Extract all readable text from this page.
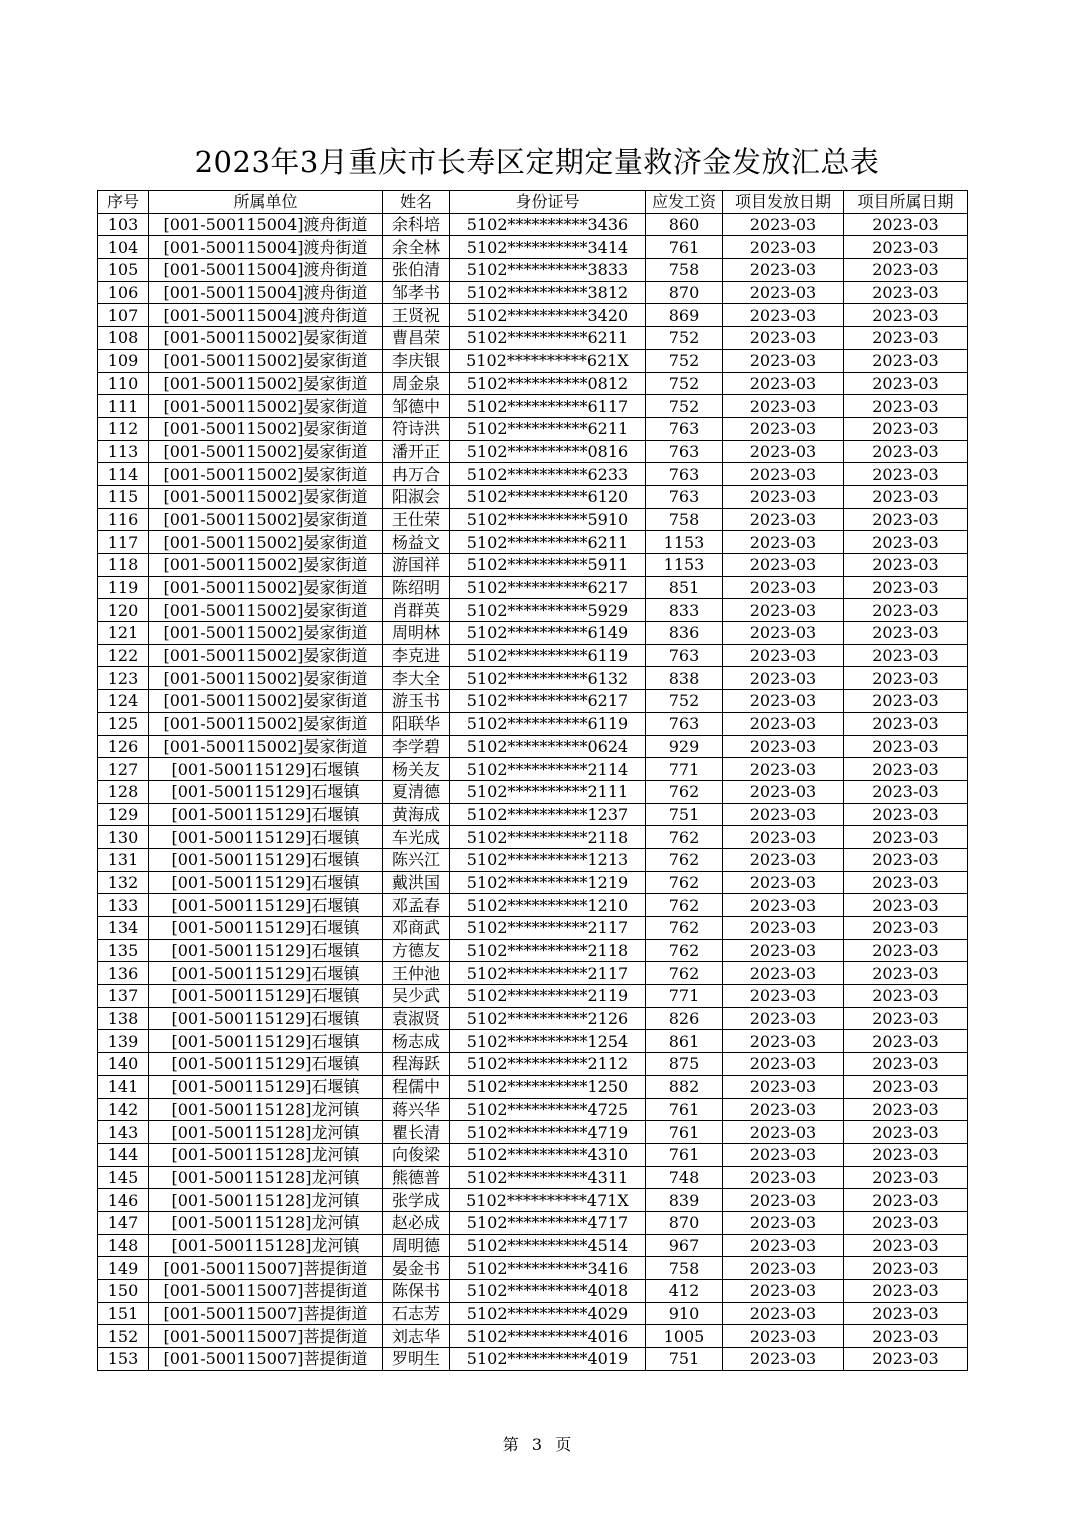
2023年3月重庆市长寿区定期定量救济金发放汇总表
序号	所属单位	姓名	身份证号	应发工资	项目发放日期	项目所属日期
103	[001-500115004]渡舟街道	余科培	5102**********3436	860	2023-03	2023-03
104	[001-500115004]渡舟街道	余全林	5102**********3414	761	2023-03	2023-03
105	[001-500115004]渡舟街道	张伯清	5102**********3833	758	2023-03	2023-03
106	[001-500115004]渡舟街道	邹孝书	5102**********3812	870	2023-03	2023-03
107	[001-500115004]渡舟街道	王贤祝	5102**********3420	869	2023-03	2023-03
108	[001-500115002]晏家街道	曹昌荣	5102**********6211	752	2023-03	2023-03
109	[001-500115002]晏家街道	李庆银	5102**********621X	752	2023-03	2023-03
110	[001-500115002]晏家街道	周金泉	5102**********0812	752	2023-03	2023-03
111	[001-500115002]晏家街道	邹德中	5102**********6117	752	2023-03	2023-03
112	[001-500115002]晏家街道	符诗洪	5102**********6211	763	2023-03	2023-03
113	[001-500115002]晏家街道	潘开正	5102**********0816	763	2023-03	2023-03
114	[001-500115002]晏家街道	冉万合	5102**********6233	763	2023-03	2023-03
115	[001-500115002]晏家街道	阳淑会	5102**********6120	763	2023-03	2023-03
116	[001-500115002]晏家街道	王仕荣	5102**********5910	758	2023-03	2023-03
117	[001-500115002]晏家街道	杨益文	5102**********6211	1153	2023-03	2023-03
118	[001-500115002]晏家街道	游国祥	5102**********5911	1153	2023-03	2023-03
119	[001-500115002]晏家街道	陈绍明	5102**********6217	851	2023-03	2023-03
120	[001-500115002]晏家街道	肖群英	5102**********5929	833	2023-03	2023-03
121	[001-500115002]晏家街道	周明林	5102**********6149	836	2023-03	2023-03
122	[001-500115002]晏家街道	李克进	5102**********6119	763	2023-03	2023-03
123	[001-500115002]晏家街道	李大全	5102**********6132	838	2023-03	2023-03
124	[001-500115002]晏家街道	游玉书	5102**********6217	752	2023-03	2023-03
125	[001-500115002]晏家街道	阳联华	5102**********6119	763	2023-03	2023-03
126	[001-500115002]晏家街道	李学碧	5102**********0624	929	2023-03	2023-03
127	[001-500115129]石堰镇	杨关友	5102**********2114	771	2023-03	2023-03
128	[001-500115129]石堰镇	夏清德	5102**********2111	762	2023-03	2023-03
129	[001-500115129]石堰镇	黄海成	5102**********1237	751	2023-03	2023-03
130	[001-500115129]石堰镇	车光成	5102**********2118	762	2023-03	2023-03
131	[001-500115129]石堰镇	陈兴江	5102**********1213	762	2023-03	2023-03
132	[001-500115129]石堰镇	戴洪国	5102**********1219	762	2023-03	2023-03
133	[001-500115129]石堰镇	邓孟春	5102**********1210	762	2023-03	2023-03
134	[001-500115129]石堰镇	邓商武	5102**********2117	762	2023-03	2023-03
135	[001-500115129]石堰镇	方德友	5102**********2118	762	2023-03	2023-03
136	[001-500115129]石堰镇	王仲池	5102**********2117	762	2023-03	2023-03
137	[001-500115129]石堰镇	吴少武	5102**********2119	771	2023-03	2023-03
138	[001-500115129]石堰镇	袁淑贤	5102**********2126	826	2023-03	2023-03
139	[001-500115129]石堰镇	杨志成	5102**********1254	861	2023-03	2023-03
140	[001-500115129]石堰镇	程海跃	5102**********2112	875	2023-03	2023-03
141	[001-500115129]石堰镇	程儒中	5102**********1250	882	2023-03	2023-03
142	[001-500115128]龙河镇	蒋兴华	5102**********4725	761	2023-03	2023-03
143	[001-500115128]龙河镇	瞿长清	5102**********4719	761	2023-03	2023-03
144	[001-500115128]龙河镇	向俊梁	5102**********4310	761	2023-03	2023-03
145	[001-500115128]龙河镇	熊德普	5102**********4311	748	2023-03	2023-03
146	[001-500115128]龙河镇	张学成	5102**********471X	839	2023-03	2023-03
147	[001-500115128]龙河镇	赵必成	5102**********4717	870	2023-03	2023-03
148	[001-500115128]龙河镇	周明德	5102**********4514	967	2023-03	2023-03
149	[001-500115007]菩提街道	晏金书	5102**********3416	758	2023-03	2023-03
150	[001-500115007]菩提街道	陈保书	5102**********4018	412	2023-03	2023-03
151	[001-500115007]菩提街道	石志芳	5102**********4029	910	2023-03	2023-03
152	[001-500115007]菩提街道	刘志华	5102**********4016	1005	2023-03	2023-03
153	[001-500115007]菩提街道	罗明生	5102**********4019	751	2023-03	2023-03
第 3 页
